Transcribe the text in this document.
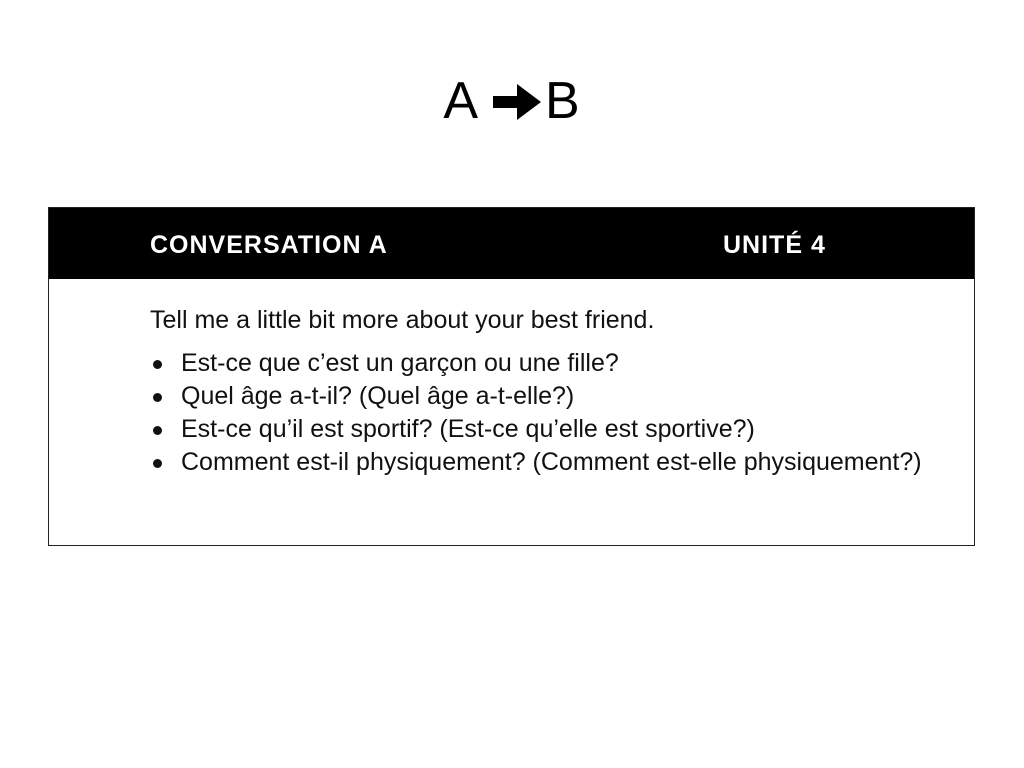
A B
CONVERSATION A	UNITÉ 4

Tell me a little bit more about your best friend.

Est-ce que c’est un garçon ou une fille?
Quel âge a-t-il? (Quel âge a-t-elle?)
Est-ce qu’il est sportif? (Est-ce qu’elle est sportive?)
Comment est-il physiquement? (Comment est-elle physiquement?)
